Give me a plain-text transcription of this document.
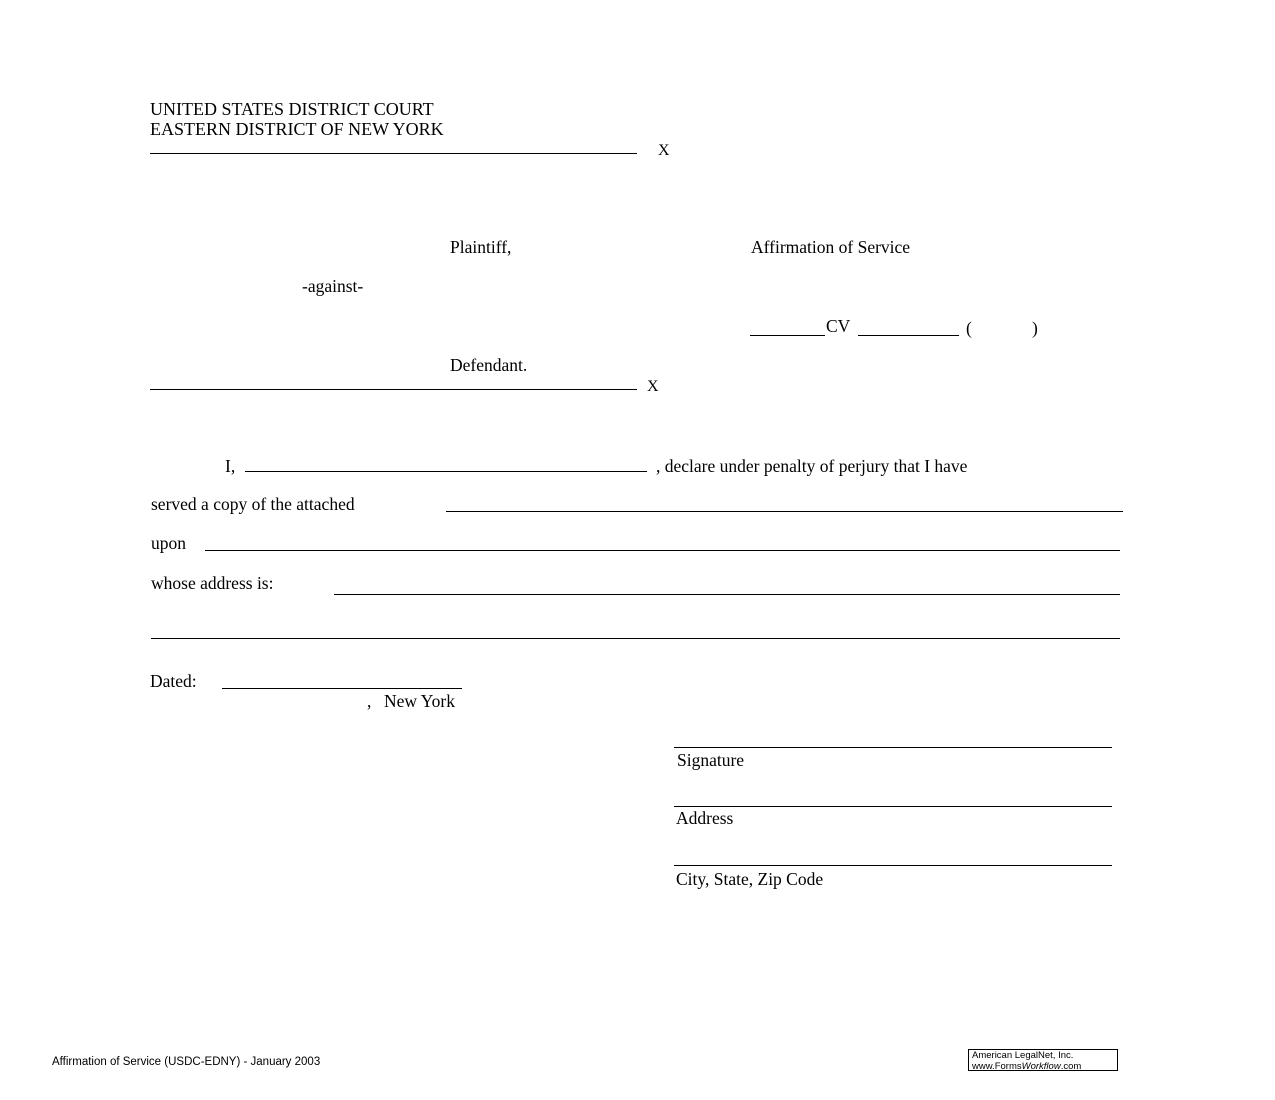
UNITED STATES DISTRICT COURT
EASTERN DISTRICT OF NEW YORK
X
Plaintiff,	Affirmation of Service
-against-
CV	(	)
Defendant.
X
I,	, declare under penalty of perjury that I have
served a copy of the attached
upon
whose address is:
Dated:
, New York
Signature
Address
City, State, Zip Code
Affirmation of Service (USDC-EDNY) - January 2003
American LegalNet, Inc.
www.FormsWorkflow.com
